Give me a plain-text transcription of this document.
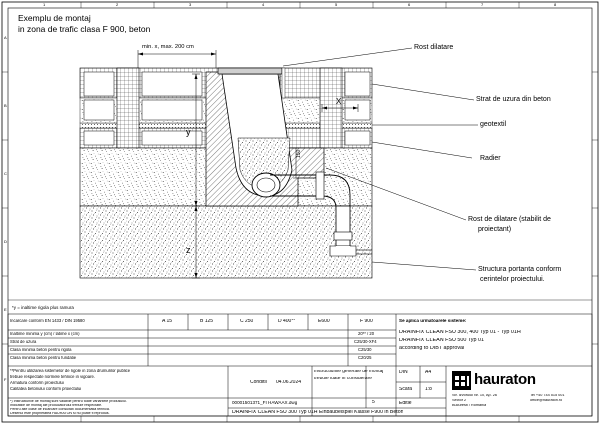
1	2	3	4	5	6	7	8
A
B
C
D
E
F
Exemplu de montaj
in zona de trafic clasa F 900, beton
min. x, max. 200 cm
X
y
z
150
Rost dilatare
Strat de uzura din beton
geotextil
Radier
Rost de dilatare (stabilit de
proiectant)
Structura portanta conform
cerintelor proiectului.
*y = inaltime rigola plus ramura
Incarcare conform EN 1433 / DIN 19580	A 15	B 125	C 250	D 400**	E600	F 900
Inaltime minima y (cm) / latime x (cm)	20** / 20
Strat de uzura	C25/30-XF4
Clasa minima beton pentru rigola	C25/30
Clasa minima beton pentru fundatie	C20/25
**Pentru utilizarea sistemelor de rigole in zona drumurilor publice
trebuie respectate normele tehnice in vigoare.
Armatura conform proiectului
Calitatea betonului conform proiectului
*) Instructiunile de montaj sunt valabile pentru toate variantele produsului.
Indicatiile de montaj ale producatorului trebuie respectate.
Pentru alte clase de incarcare consultati documentatia tehnica.
Desenul este proprietatea HAURATON si nu poate fi reprodus.
Se aplica urmatoarele sisteme:
DRAINFIX CLEAN FSU 300, 400 Typ 01 - Typ 01H
DRAINFIX CLEAN FSU 500 Typ 01
according to DIBT approval
Conditii 04.06.2024
Instructiunile generale de montaj
trebuie luate in considerare
5
00001501371_FI HAWAAX.dwg
DIN	A4
Scara	1:8
Editie
DRAINFIX CLEAN FSU 300 Typ 01H Einbaubeispiel Klasse F900 in Beton
hauraton
Str. Izvorului Nr. 10, Ap. 26
Sector 2
Bucuresti / Romania
Tel +40 744 515 001
office@hauraton.ro
